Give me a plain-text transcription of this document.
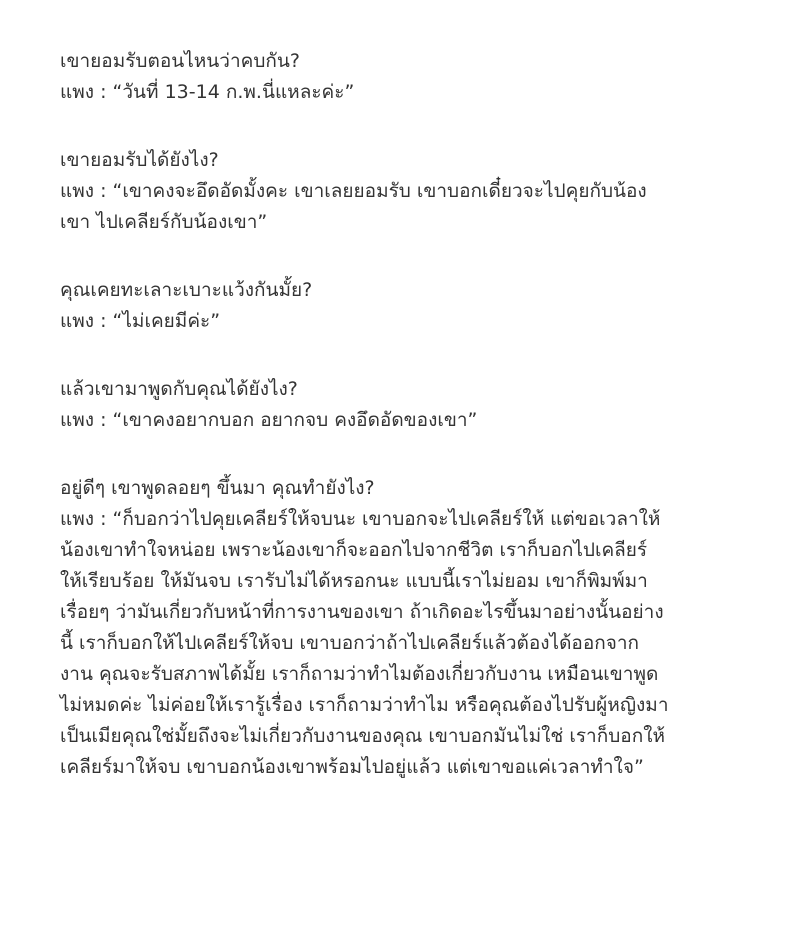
เขายอมรับตอนไหนว่าคบกัน?
แพง : “วันที่ 13-14 ก.พ.นี่แหละค่ะ”
เขายอมรับได้ยังไง?
แพง : “เขาคงจะอึดอัดมั้งคะ เขาเลยยอมรับ เขาบอกเดี๋ยวจะไปคุยกับน้อง
เขา ไปเคลียร์กับน้องเขา”
คุณเคยทะเลาะเบาะแว้งกันมั้ย?
แพง : “ไม่เคยมีค่ะ”
แล้วเขามาพูดกับคุณได้ยังไง?
แพง : “เขาคงอยากบอก อยากจบ คงอึดอัดของเขา”
อยู่ดีๆ เขาพูดลอยๆ ขึ้นมา คุณทำยังไง?
แพง : “ก็บอกว่าไปคุยเคลียร์ให้จบนะ เขาบอกจะไปเคลียร์ให้ แต่ขอเวลาให้
น้องเขาทำใจหน่อย เพราะน้องเขาก็จะออกไปจากชีวิต เราก็บอกไปเคลียร์
ให้เรียบร้อย ให้มันจบ เรารับไม่ได้หรอกนะ แบบนี้เราไม่ยอม เขาก็พิมพ์มา
เรื่อยๆ ว่ามันเกี่ยวกับหน้าที่การงานของเขา ถ้าเกิดอะไรขึ้นมาอย่างนั้นอย่าง
นี้ เราก็บอกให้ไปเคลียร์ให้จบ เขาบอกว่าถ้าไปเคลียร์แล้วต้องได้ออกจาก
งาน คุณจะรับสภาพได้มั้ย เราก็ถามว่าทำไมต้องเกี่ยวกับงาน เหมือนเขาพูด
ไม่หมดค่ะ ไม่ค่อยให้เรารู้เรื่อง เราก็ถามว่าทำไม หรือคุณต้องไปรับผู้หญิงมา
เป็นเมียคุณใช่มั้ยถึงจะไม่เกี่ยวกับงานของคุณ เขาบอกมันไม่ใช่ เราก็บอกให้
เคลียร์มาให้จบ เขาบอกน้องเขาพร้อมไปอยู่แล้ว แต่เขาขอแค่เวลาทำใจ”
